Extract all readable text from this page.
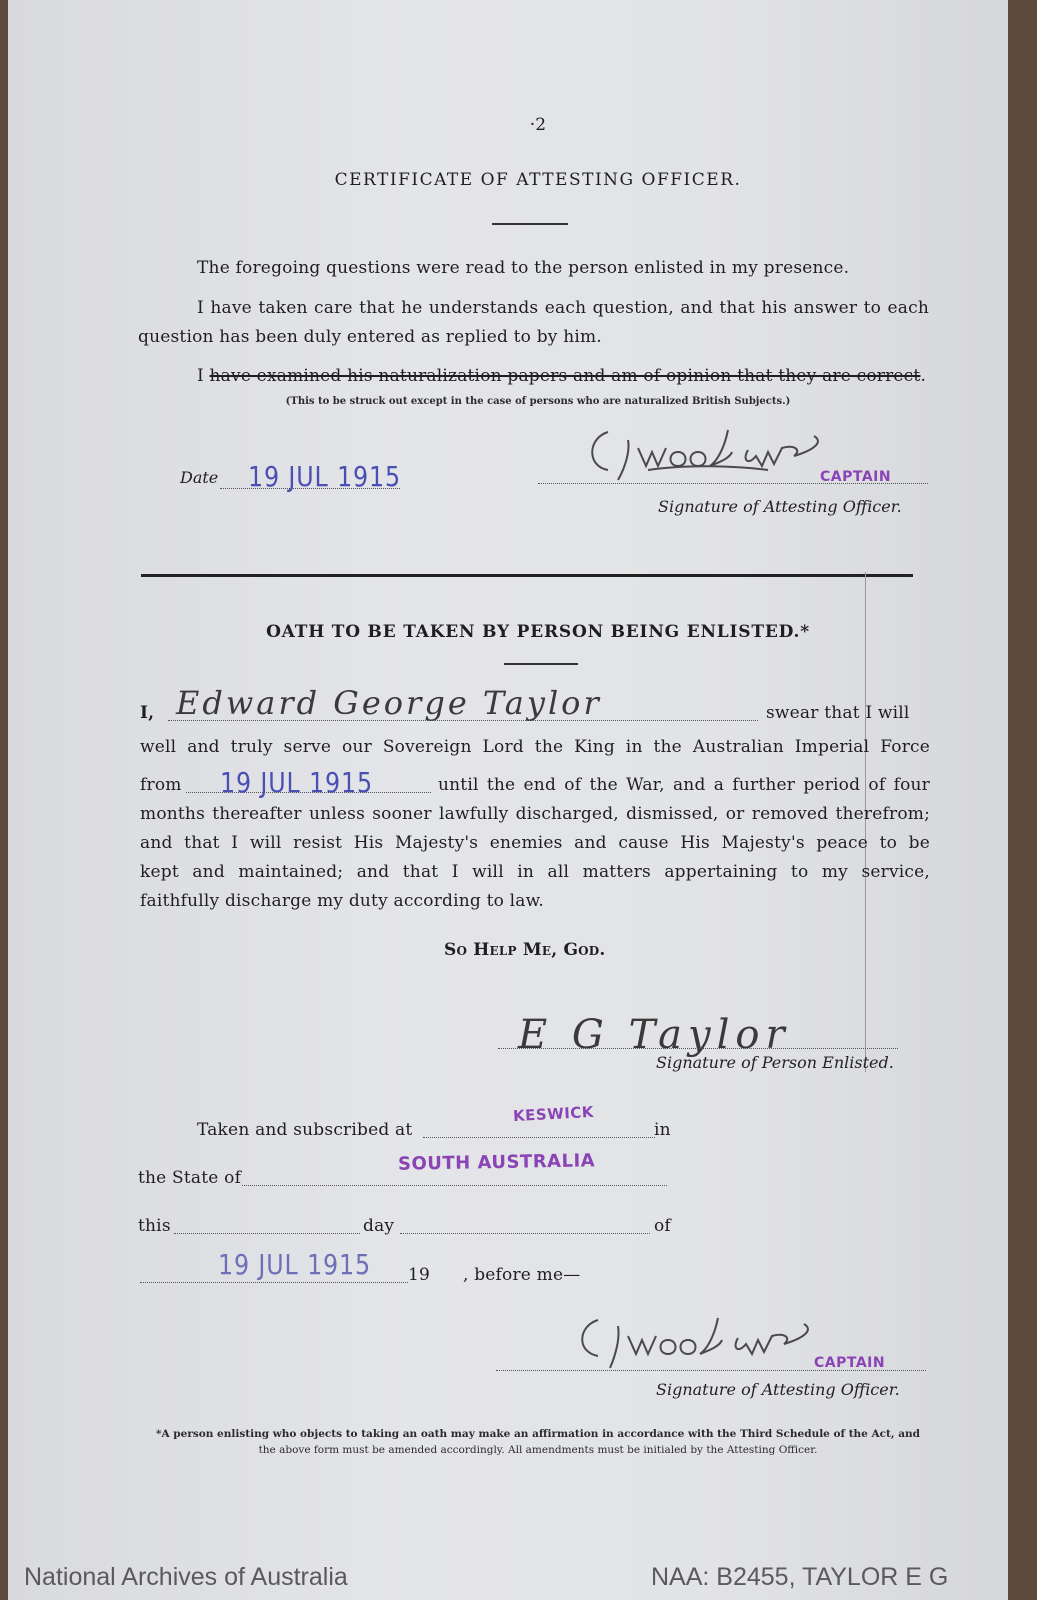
·2
CERTIFICATE OF ATTESTING OFFICER.
The foregoing questions were read to the person enlisted in my presence.
I have taken care that he understands each question, and that his answer to each
question has been duly entered as replied to by him.
I have examined his naturalization papers and am of opinion that they are correct.
(This to be struck out except in the case of persons who are naturalized British Subjects.)
Date 19 JUL 1915	CAPTAIN
Signature of Attesting Officer.
OATH TO BE TAKEN BY PERSON BEING ENLISTED.*
I, Edward George Taylor	swear that I will
well and truly serve our Sovereign Lord the King in the Australian Imperial Force
from 19 JUL 1915	until the end of the War, and a further period of four
months thereafter unless sooner lawfully discharged, dismissed, or removed therefrom;
and that I will resist His Majesty's enemies and cause His Majesty's peace to be
kept and maintained; and that I will in all matters appertaining to my service,
faithfully discharge my duty according to law.
So Help Me, God.
E G Taylor
Signature of Person Enlisted.
Taken and subscribed at
KESWICK
in
the State of
SOUTH AUSTRALIA
this	day	of
19 JUL 1915 19 , before me—
CAPTAIN
Signature of Attesting Officer.
*A person enlisting who objects to taking an oath may make an affirmation in accordance with the Third Schedule of the Act, and
the above form must be amended accordingly. All amendments must be initialed by the Attesting Officer.
National Archives of Australia	NAA: B2455, TAYLOR E G
